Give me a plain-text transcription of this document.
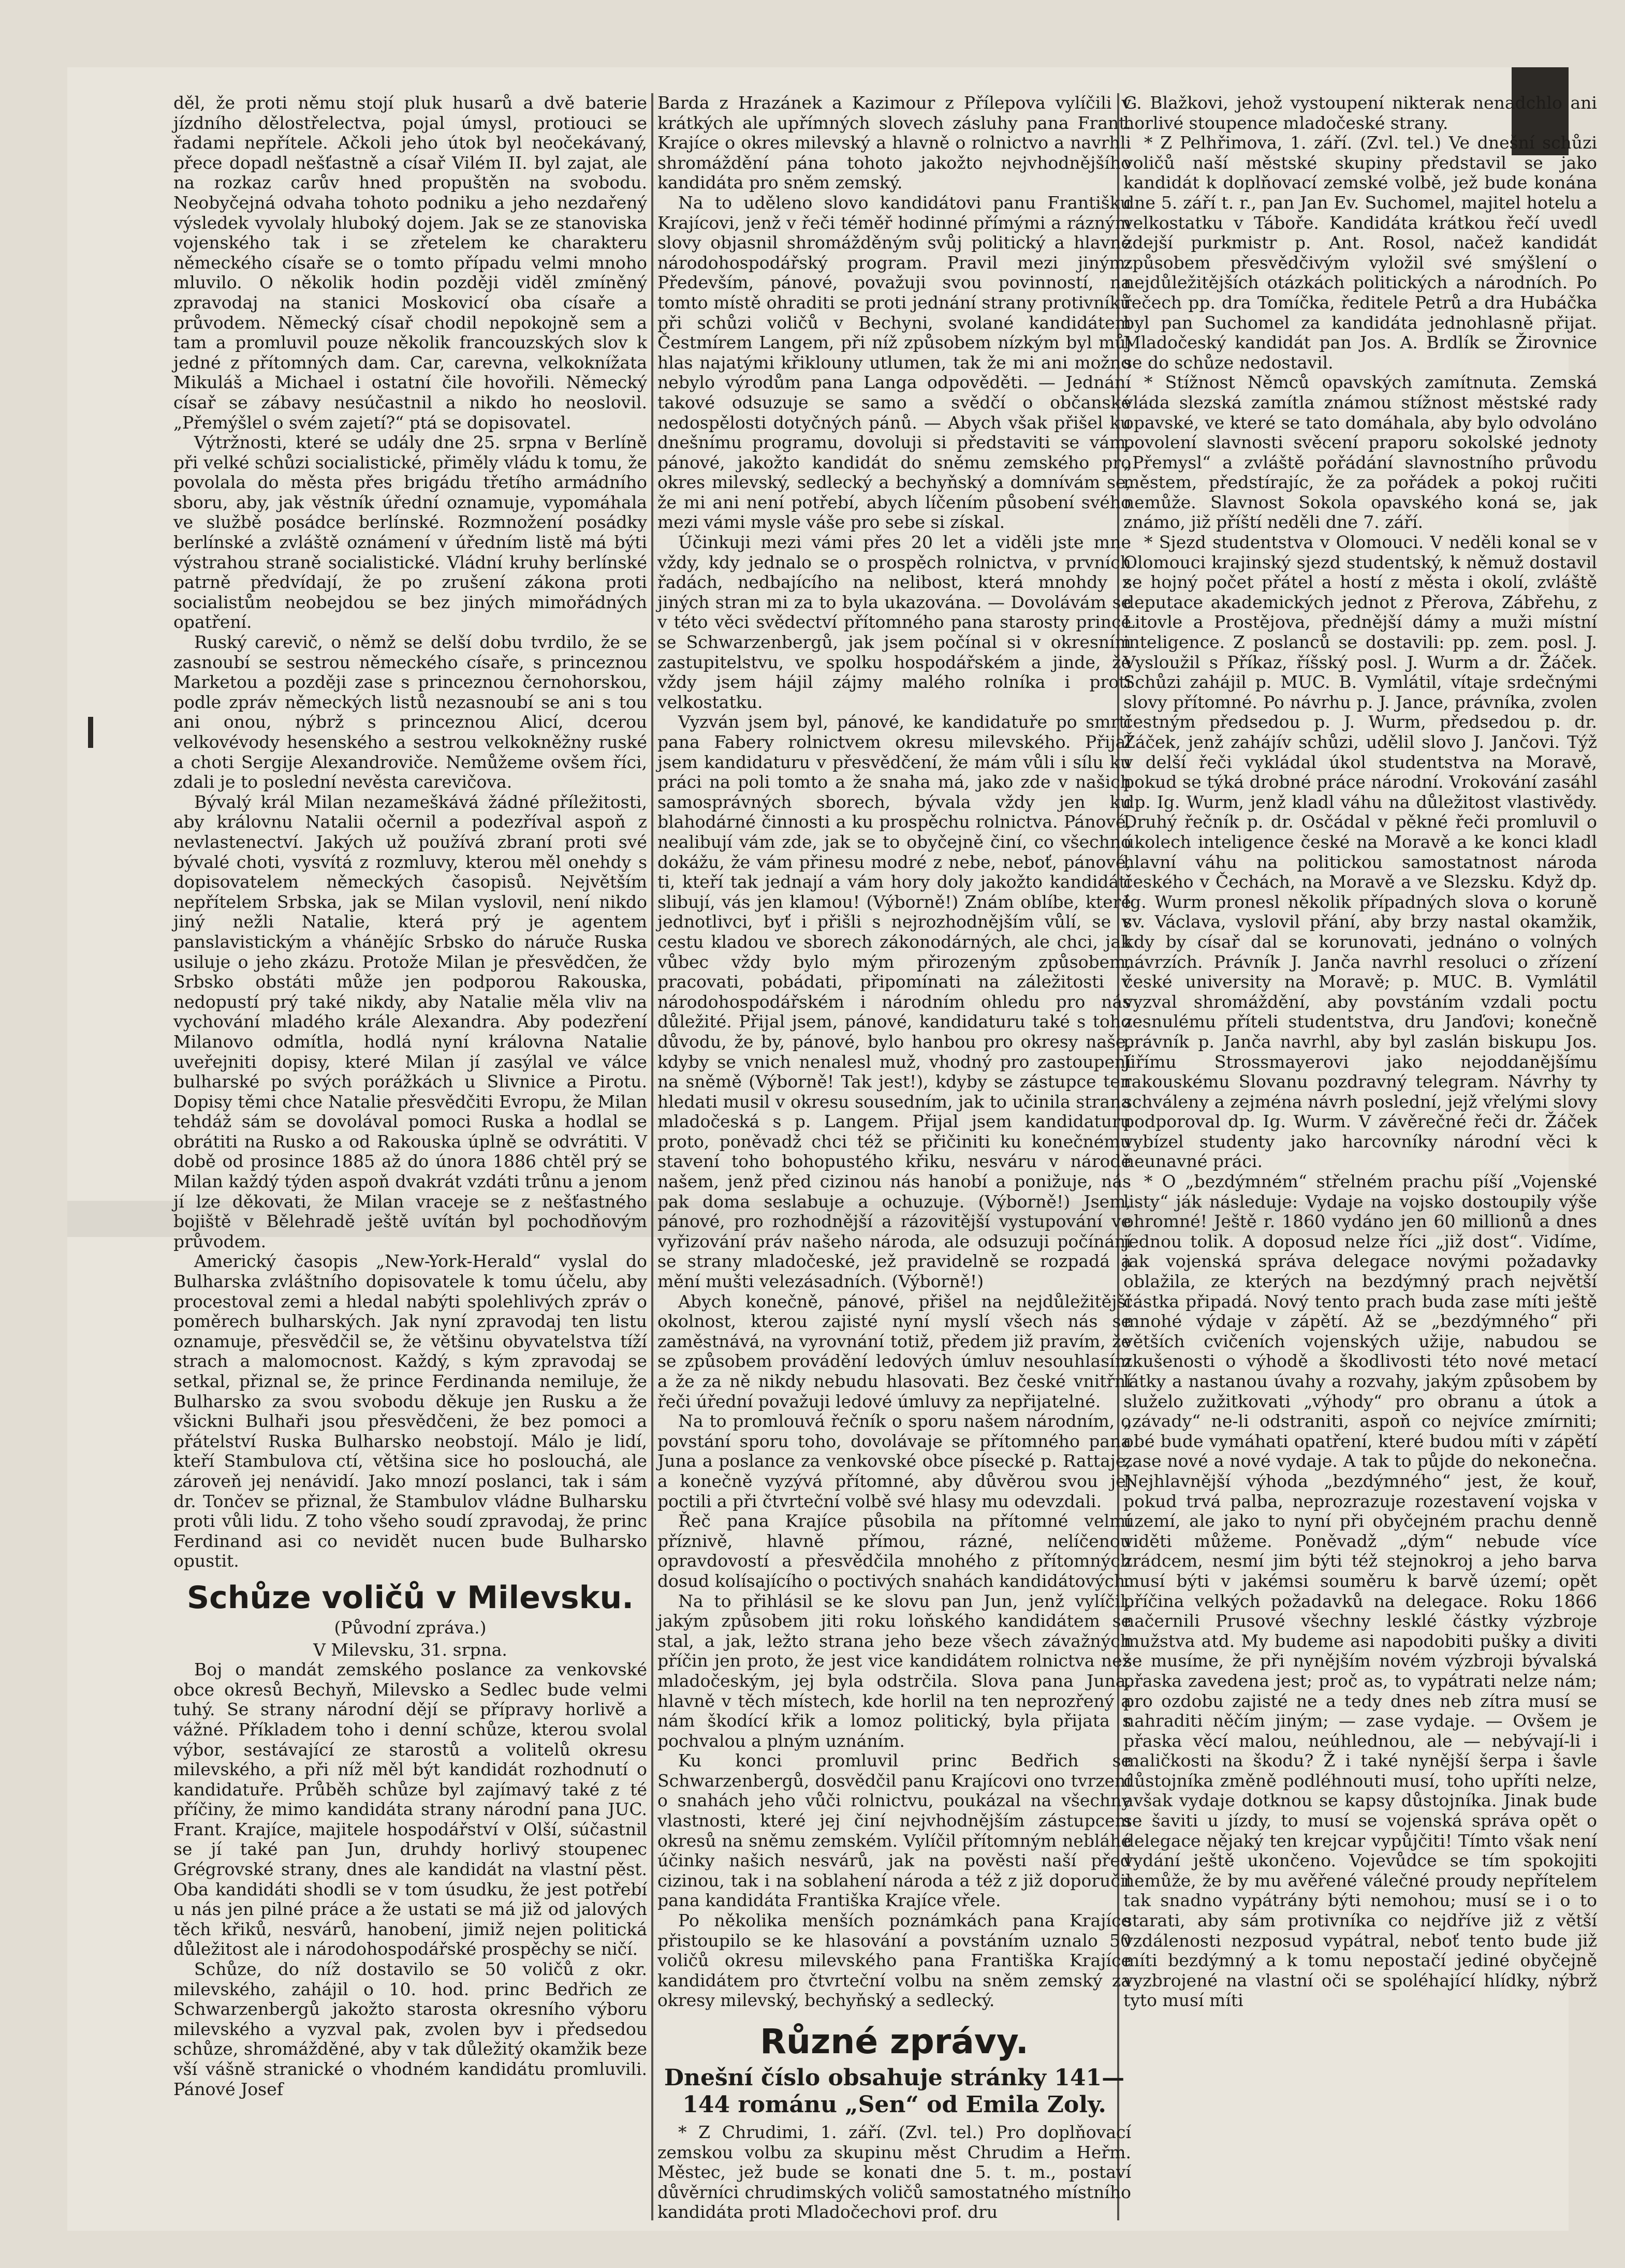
děl, že proti němu stojí pluk husarů a dvě baterie jízdního dělostřelectva, pojal úmysl, protiouci se řadami nepřítele. Ačkoli jeho útok byl neočekávaný, přece dopadl nešťastně a císař Vilém II. byl zajat, ale na rozkaz carův hned propuštěn na svobodu. Neobyčejná odvaha tohoto podniku a jeho nezdařený výsledek vyvolaly hluboký dojem. Jak se ze stanoviska vojenského tak i se zřetelem ke charakteru německého císaře se o tomto případu velmi mnoho mluvilo. O několik hodin později viděl zmíněný zpravodaj na stanici Moskovicí oba císaře a průvodem. Německý císař chodil nepokojně sem a tam a promluvil pouze několik francouzských slov k jedné z přítomných dam. Car, carevna, velkoknížata Mikuláš a Michael i ostatní čile hovořili. Německý císař se zábavy nesúčastnil a nikdo ho neoslovil. „Přemýšlel o svém zajetí?“ ptá se dopisovatel.

Výtržnosti, které se udály dne 25. srpna v Berlíně při velké schůzi socialistické, přiměly vládu k tomu, že povolala do města přes brigádu třetího armádního sboru, aby, jak věstník úřední oznamuje, vypomáhala ve službě posádce berlínské. Rozmnožení posádky berlínské a zvláště oznámení v úředním listě má býti výstrahou straně socialistické. Vládní kruhy berlínské patrně předvídají, že po zrušení zákona proti socialistům neobejdou se bez jiných mimořádných opatření.

Ruský carevič, o němž se delší dobu tvrdilo, že se zasnoubí se sestrou německého císaře, s princeznou Marketou a později zase s princeznou černohorskou, podle zpráv německých listů nezasnoubí se ani s tou ani onou, nýbrž s princeznou Alicí, dcerou velkovévody hesenského a sestrou velkokněžny ruské a choti Sergije Alexandroviče. Nemůžeme ovšem říci, zdali je to poslední nevěsta carevičova.

Bývalý král Milan nezameškává žádné příležitosti, aby královnu Natalii očernil a podezříval aspoň z nevlastenectví. Jakých už používá zbraní proti své bývalé choti, vysvítá z rozmluvy, kterou měl onehdy s dopisovatelem německých časopisů. Největším nepřítelem Srbska, jak se Milan vyslovil, není nikdo jiný nežli Natalie, která prý je agentem panslavistickým a vhánějíc Srbsko do náruče Ruska usiluje o jeho zkázu. Protože Milan je přesvědčen, že Srbsko obstáti může jen podporou Rakouska, nedopustí prý také nikdy, aby Natalie měla vliv na vychování mladého krále Alexandra. Aby podezření Milanovo odmítla, hodlá nyní královna Natalie uveřejniti dopisy, které Milan jí zasýlal ve válce bulharské po svých porážkách u Slivnice a Pirotu. Dopisy těmi chce Natalie přesvědčiti Evropu, že Milan tehdáž sám se dovolával pomoci Ruska a hodlal se obrátiti na Rusko a od Rakouska úplně se odvrátiti. V době od prosince 1885 až do února 1886 chtěl prý se Milan každý týden aspoň dvakrát vzdáti trůnu a jenom jí lze děkovati, že Milan vraceje se z nešťastného bojiště v Bělehradě ještě uvítán byl pochodňovým průvodem.

Americký časopis „New-York-Herald“ vyslal do Bulharska zvláštního dopisovatele k tomu účelu, aby procestoval zemi a hledal nabýti spolehlivých zpráv o poměrech bulharských. Jak nyní zpravodaj ten listu oznamuje, přesvědčil se, že většinu obyvatelstva tíží strach a malomocnost. Každý, s kým zpravodaj se setkal, přiznal se, že prince Ferdinanda nemiluje, že Bulharsko za svou svobodu děkuje jen Rusku a že všickni Bulhaři jsou přesvědčeni, že bez pomoci a přátelství Ruska Bulharsko neobstojí. Málo je lidí, kteří Stambulova ctí, většina sice ho poslouchá, ale zároveň jej nenávidí. Jako mnozí poslanci, tak i sám dr. Tončev se přiznal, že Stambulov vládne Bulharsku proti vůli lidu. Z toho všeho soudí zpravodaj, že princ Ferdinand asi co nevidět nucen bude Bulharsko opustit.

Schůze voličů v Milevsku.
(Původní zpráva.)

V Milevsku, 31. srpna.

Boj o mandát zemského poslance za venkovské obce okresů Bechyň, Milevsko a Sedlec bude velmi tuhý. Se strany národní dějí se přípravy horlivě a vážné. Příkladem toho i denní schůze, kterou svolal výbor, sestávající ze starostů a volitelů okresu milevského, a při níž měl být kandidát rozhodnutí o kandidatuře. Průběh schůze byl zajímavý také z té příčiny, že mimo kandidáta strany národní pana JUC. Frant. Krajíce, majitele hospodářství v Olší, súčastnil se jí také pan Jun, druhdy horlivý stoupenec Grégrovské strany, dnes ale kandidát na vlastní pěst. Oba kandidáti shodli se v tom úsudku, že jest potřebí u nás jen pilné práce a že ustati se má již od jalových těch křiků, nesvárů, hanobení, jimiž nejen politická důležitost ale i národohospodářské prospěchy se ničí.

Schůze, do níž dostavilo se 50 voličů z okr. milevského, zahájil o 10. hod. princ Bedřich ze Schwarzenbergů jakožto starosta okresního výboru milevského a vyzval pak, zvolen byv i předsedou schůze, shromážděné, aby v tak důležitý okamžik beze vší vášně stranické o vhodném kandidátu promluvili. Pánové Josef

Barda z Hrazánek a Kazimour z Přílepova vylíčili v krátkých ale upřímných slovech zásluhy pana Frant. Krajíce o okres milevský a hlavně o rolnictvo a navrhli shromáždění pána tohoto jakožto nejvhodnějšího kandidáta pro sněm zemský.

Na to uděleno slovo kandidátovi panu Františku Krajícovi, jenž v řeči téměř hodinné přímými a rázným slovy objasnil shromážděným svůj politický a hlavně národohospodářský program. Pravil mezi jiným: Především, pánové, považuji svou povinností, na tomto místě ohraditi se proti jednání strany protivníků při schůzi voličů v Bechyni, svolané kandidátem Čestmírem Langem, při níž způsobem nízkým byl můj hlas najatými křiklouny utlumen, tak že mi ani možno nebylo výrodům pana Langa odpověděti. — Jednání takové odsuzuje se samo a svědčí o občanské nedospělosti dotyčných pánů. — Abych však přišel ku dnešnímu programu, dovoluji si představiti se vám, pánové, jakožto kandidát do sněmu zemského pro okres milevský, sedlecký a bechyňský a domnívám se, že mi ani není potřebí, abych líčením působení svého mezi vámi mysle váše pro sebe si získal.

Účinkuji mezi vámi přes 20 let a viděli jste mne vždy, kdy jednalo se o prospěch rolnictva, v prvních řadách, nedbajícího na nelibost, která mnohdy z jiných stran mi za to byla ukazována. — Dovolávám se v této věci svědectví přítomného pana starosty prince se Schwarzenbergů, jak jsem počínal si v okresním zastupitelstvu, ve spolku hospodářském a jinde, že vždy jsem hájil zájmy malého rolníka i proti velkostatku.

Vyzván jsem byl, pánové, ke kandidatuře po smrti pana Fabery rolnictvem okresu milevského. Přijal jsem kandidaturu v přesvědčení, že mám vůli i sílu ku práci na poli tomto a že snaha má, jako zde v našich samosprávných sborech, bývala vždy jen ku blahodárné činnosti a ku prospěchu rolnictva. Pánové, nealibují vám zde, jak se to obyčejně činí, co všechno dokážu, že vám přinesu modré z nebe, neboť, pánové, ti, kteří tak jednají a vám hory doly jakožto kandidáti slibují, vás jen klamou! (Výborně!) Znám oblíbe, které jednotlivci, byť i přišli s nejrozhodnějším vůlí, se v cestu kladou ve sborech zákonodárných, ale chci, jak vůbec vždy bylo mým přirozeným způsobem, pracovati, pobádati, připomínati na záležitosti v národohospodářském i národním ohledu pro nás důležité. Přijal jsem, pánové, kandidaturu také s toho důvodu, že by, pánové, bylo hanbou pro okresy naše, kdyby se vnich nenalesl muž, vhodný pro zastoupení na sněmě (Výborně! Tak jest!), kdyby se zástupce ten hledati musil v okresu sousedním, jak to učinila strana mladočeská s p. Langem. Přijal jsem kandidaturu proto, poněvadž chci též se přičiniti ku konečnému stavení toho bohopustého křiku, nesváru v národě našem, jenž před cizinou nás hanobí a ponižuje, nás pak doma seslabuje a ochuzuje. (Výborně!) Jsem, pánové, pro rozhodnější a rázovitější vystupování ve vyřizování práv našeho národa, ale odsuzuji počínání se strany mladočeské, jež pravidelně se rozpadá a mění mušti velezásadních. (Výborně!)

Abych konečně, pánové, přišel na nejdůležitější okolnost, kterou zajisté nyní myslí všech nás se zaměstnává, na vyrovnání totiž, předem již pravím, že se způsobem provádění ledových úmluv nesouhlasím a že za ně nikdy nebudu hlasovati. Bez české vnitřní řeči úřední považuji ledové úmluvy za nepřijatelné.

Na to promlouvá řečník o sporu našem národním, o povstání sporu toho, dovolávaje se přítomného pana Juna a poslance za venkovské obce písecké p. Rattaje, a konečně vyzývá přítomné, aby důvěrou svou jej poctili a při čtvrteční volbě své hlasy mu odevzdali.

Řeč pana Krajíce působila na přítomné velmi příznivě, hlavně přímou, rázné, nelíčenou opravdovostí a přesvědčila mnohého z přítomných dosud kolísajícího o poctivých snahách kandidátových.

Na to přihlásil se ke slovu pan Jun, jenž vylíčil, jakým způsobem jiti roku loňského kandidátem se stal, a jak, ležto strana jeho beze všech závažných příčin jen proto, že jest vice kandidátem rolnictva než mladočeským, jej byla odstrčila. Slova pana Juna, hlavně v těch místech, kde horlil na ten neprozřený a nám škodící křik a lomoz politický, byla přijata s pochvalou a plným uznáním.

Ku konci promluvil princ Bedřich se Schwarzenbergů, dosvědčil panu Krajícovi ono tvrzení o snahách jeho vůči rolnictvu, poukázal na všechny vlastnosti, které jej činí nejvhodnějším zástupcem okresů na sněmu zemském. Vylíčil přítomným nebláhé účinky našich nesvárů, jak na pověsti naší před cizinou, tak i na soblahení národa a též z již doporučil pana kandidáta Františka Krajíce vřele.

Po několika menších poznámkách pana Krajíce přistoupilo se ke hlasování a povstáním uznalo 50 voličů okresu milevského pana Františka Krajíce kandidátem pro čtvrteční volbu na sněm zemský za okresy milevský, bechyňský a sedlecký.

Různé zprávy.
Dnešní číslo obsahuje stránky 141—144 románu „Sen“ od Emila Zoly.

* Z Chrudimi, 1. září. (Zvl. tel.) Pro doplňovací zemskou volbu za skupinu měst Chrudim a Heřm. Městec, jež bude se konati dne 5. t. m., postaví důvěrníci chrudimských voličů samostatného místního kandidáta proti Mladočechovi prof. dru

G. Blažkovi, jehož vystoupení nikterak nenadchlo ani horlivé stoupence mladočeské strany.

* Z Pelhřimova, 1. září. (Zvl. tel.) Ve dnešní schůzi voličů naší městské skupiny představil se jako kandidát k doplňovací zemské volbě, jež bude konána dne 5. září t. r., pan Jan Ev. Suchomel, majitel hotelu a velkostatku v Táboře. Kandidáta krátkou řečí uvedl zdejší purkmistr p. Ant. Rosol, načež kandidát způsobem přesvědčivým vyložil své smýšlení o nejdůležitějších otázkách politických a národních. Po řečech pp. dra Tomíčka, ředitele Petrů a dra Hubáčka byl pan Suchomel za kandidáta jednohlasně přijat. Mladočeský kandidát pan Jos. A. Brdlík se Žirovnice se do schůze nedostavil.

* Stížnost Němců opavských zamítnuta. Zemská vláda slezská zamítla známou stížnost městské rady opavské, ve které se tato domáhala, aby bylo odvoláno povolení slavnosti svěcení praporu sokolské jednoty „Přemysl“ a zvláště pořádání slavnostního průvodu městem, předstírajíc, že za pořádek a pokoj ručiti nemůže. Slavnost Sokola opavského koná se, jak známo, již příští neděli dne 7. září.

* Sjezd studentstva v Olomouci. V neděli konal se v Olomouci krajinský sjezd studentský, k němuž dostavil se hojný počet přátel a hostí z města i okolí, zvláště deputace akademických jednot z Přerova, Zábřehu, z Litovle a Prostějova, přednější dámy a muži místní inteligence. Z poslanců se dostavili: pp. zem. posl. J. Vysloužil s Příkaz, říšský posl. J. Wurm a dr. Žáček. Schůzi zahájil p. MUC. B. Vymlátil, vítaje srdečnými slovy přítomné. Po návrhu p. J. Jance, právníka, zvolen čestným předsedou p. J. Wurm, předsedou p. dr. Žáček, jenž zahájív schůzi, udělil slovo J. Jančovi. Týž v delší řeči vykládal úkol studentstva na Moravě, pokud se týká drobné práce národní. Vrokování zasáhl dp. Ig. Wurm, jenž kladl váhu na důležitost vlastivědy. Druhý řečník p. dr. Osčádal v pěkné řeči promluvil o úkolech inteligence české na Moravě a ke konci kladl hlavní váhu na politickou samostatnost národa českého v Čechách, na Moravě a ve Slezsku. Když dp. Ig. Wurm pronesl několik případných slova o koruně sv. Václava, vyslovil přání, aby brzy nastal okamžik, kdy by císař dal se korunovati, jednáno o volných návrzích. Právník J. Janča navrhl resoluci o zřízení české university na Moravě; p. MUC. B. Vymlátil vyzval shromáždění, aby povstáním vzdali poctu zesnulému příteli studentstva, dru Janďovi; konečně právník p. Janča navrhl, aby byl zaslán biskupu Jos. Jiřímu Strossmayerovi jako nejoddanějšímu rakouskému Slovanu pozdravný telegram. Návrhy ty schváleny a zejména návrh poslední, jejž vřelými slovy podporoval dp. Ig. Wurm. V závěrečné řeči dr. Žáček vybízel studenty jako harcovníky národní věci k neunavné práci.

* O „bezdýmném“ střelném prachu píší „Vojenské listy“ ják následuje: Vydaje na vojsko dostoupily výše ohromné! Ještě r. 1860 vydáno jen 60 millionů a dnes jednou tolik. A doposud nelze říci „již dost“. Vidíme, jak vojenská správa delegace novými požadavky oblažila, ze kterých na bezdýmný prach největší částka připadá. Nový tento prach buda zase míti ještě mnohé výdaje v zápětí. Až se „bezdýmného“ při větších cvičeních vojenských užije, nabudou se zkušenosti o výhodě a škodlivosti této nové metací látky a nastanou úvahy a rozvahy, jakým způsobem by služelo zužitkovati „výhody“ pro obranu a útok a „závady“ ne-li odstraniti, aspoň co nejvíce zmírniti; obé bude vymáhati opatření, které budou míti v zápětí zase nové a nové vydaje. A tak to půjde do nekonečna. Nejhlavnější výhoda „bezdýmného“ jest, že kouř, pokud trvá palba, neprozrazuje rozestavení vojska v území, ale jako to nyní při obyčejném prachu denně viděti můžeme. Poněvadž „dým“ nebude více zrádcem, nesmí jim býti též stejnokroj a jeho barva musí býti v jakémsi souměru k barvě území; opět příčina velkých požadavků na delegace. Roku 1866 načernili Prusové všechny lesklé částky výzbroje mužstva atd. My budeme asi napodobiti pušky a diviti se musíme, že při nynějším novém výzbroji bývalská přaska zavedena jest; proč as, to vypátrati nelze nám; pro ozdobu zajisté ne a tedy dnes neb zítra musí se nahraditi něčím jiným; — zase vydaje. — Ovšem je přaska věcí malou, neúhlednou, ale — nebývají-li i maličkosti na škodu? Ž i také nynější šerpa i šavle důstojníka změně podléhnouti musí, toho upříti nelze, avšak vydaje dotknou se kapsy důstojníka. Jinak bude se šaviti u jízdy, to musí se vojenská správa opět o delegace nějaký ten krejcar vypůjčiti! Tímto však není vydání ještě ukončeno. Vojevůdce se tím spokojiti nemůže, že by mu avěřené válečné proudy nepřítelem tak snadno vypátrány býti nemohou; musí se i o to starati, aby sám protivníka co nejdříve již z větší vzdálenosti nezposud vypátral, neboť tento bude již míti bezdýmný a k tomu nepostačí jediné obyčejně vyzbrojené na vlastní oči se spoléhající hlídky, nýbrž tyto musí míti
